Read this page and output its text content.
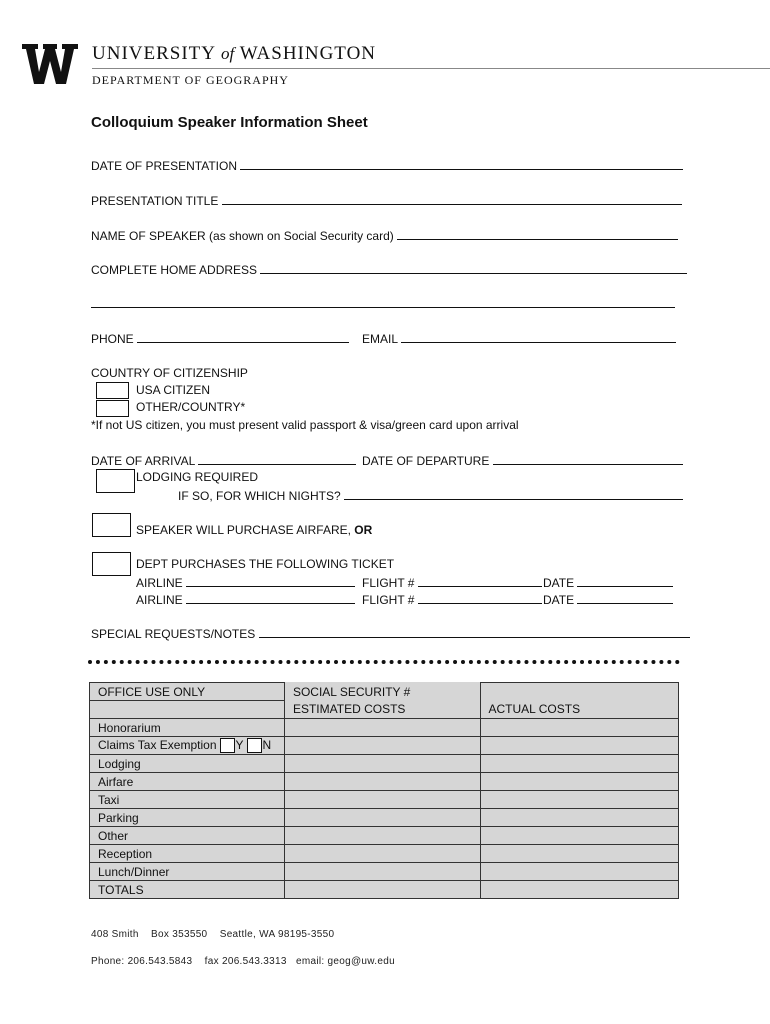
UNIVERSITY of WASHINGTON
DEPARTMENT OF GEOGRAPHY
Colloquium Speaker Information Sheet
DATE OF PRESENTATION
PRESENTATION TITLE
NAME OF SPEAKER (as shown on Social Security card)
COMPLETE HOME ADDRESS
PHONE	EMAIL
COUNTRY OF CITIZENSHIP
USA CITIZEN
OTHER/COUNTRY*
*If not US citizen, you must present valid passport & visa/green card upon arrival
DATE OF ARRIVAL	DATE OF DEPARTURE
LODGING REQUIRED
IF SO, FOR WHICH NIGHTS?
SPEAKER WILL PURCHASE AIRFARE, OR
DEPT PURCHASES THE FOLLOWING TICKET
AIRLINE	FLIGHT #	DATE
AIRLINE	FLIGHT #	DATE
SPECIAL REQUESTS/NOTES
OFFICE USE ONLY	SOCIAL SECURITY #	
	ESTIMATED COSTS	ACTUAL COSTS
Honorarium		
Claims Tax Exemption Y N		
Lodging		
Airfare		
Taxi		
Parking		
Other		
Reception		
Lunch/Dinner		
TOTALS		
408 Smith    Box 353550    Seattle, WA 98195-3550
Phone: 206.543.5843    fax 206.543.3313   email: geog@uw.edu
